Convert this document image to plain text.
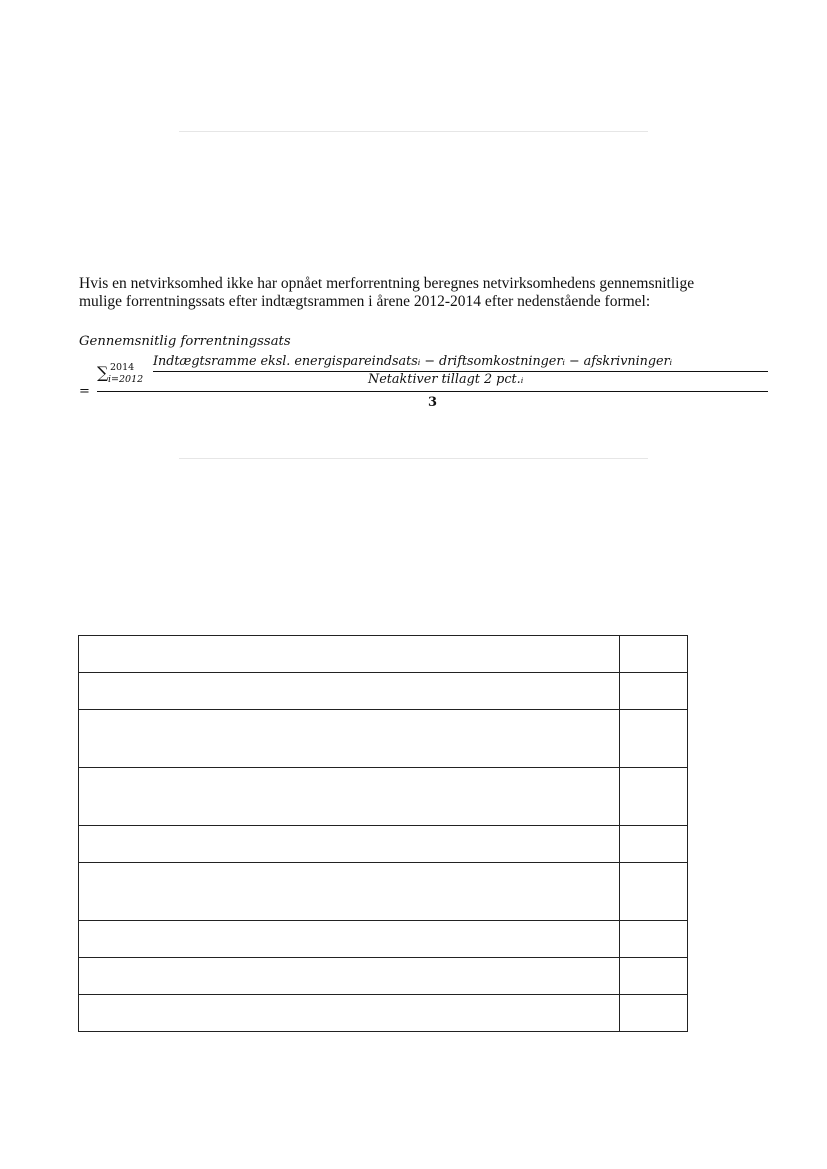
Hvis en netvirksomhed ikke har opnået merforrentning beregnes netvirksomhedens gennemsnitlige

mulige forrentningssats efter indtægtsrammen i årene 2012-2014 efter nedenstående formel:

Gennemsnitlig forrentningssats
=
∑ 2014
i=2012
Indtægtsramme eksl. energispareindsatsᵢ − driftsomkostningerᵢ − afskrivningerᵢ
Netaktiver tillagt 2 pct.ᵢ
3
